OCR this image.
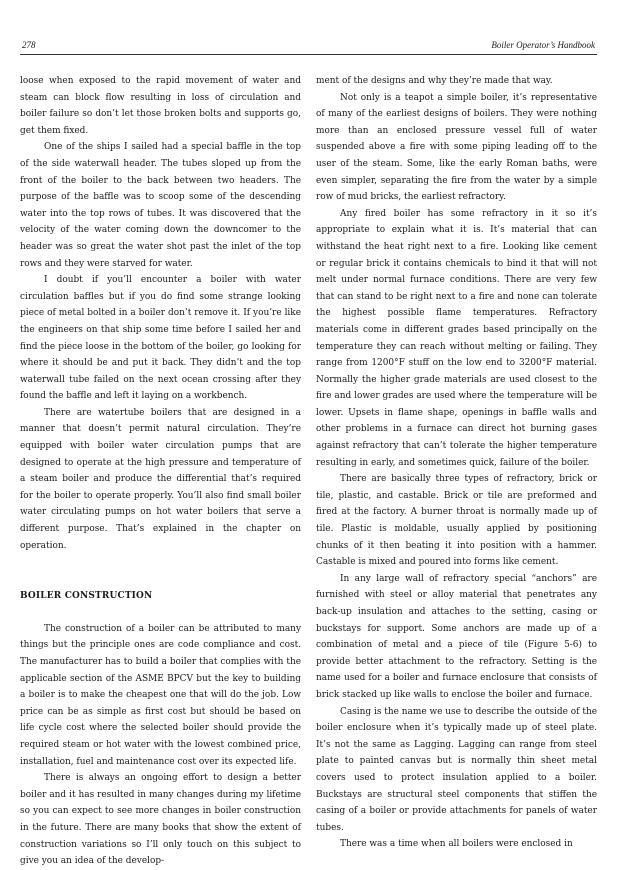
278	Boiler Operator’s Handbook

loose when exposed to the rapid movement of water and steam can block flow resulting in loss of circulation and boiler failure so don’t let those broken bolts and supports go, get them fixed.

One of the ships I sailed had a special baffle in the top of the side waterwall header. The tubes sloped up from the front of the boiler to the back between two headers. The purpose of the baffle was to scoop some of the descending water into the top rows of tubes. It was discovered that the velocity of the water coming down the downcomer to the header was so great the water shot past the inlet of the top rows and they were starved for water.

I doubt if you’ll encounter a boiler with water circulation baffles but if you do find some strange looking piece of metal bolted in a boiler don’t remove it. If you’re like the engineers on that ship some time before I sailed her and find the piece loose in the bottom of the boiler, go looking for where it should be and put it back. They didn’t and the top waterwall tube failed on the next ocean crossing after they found the baffle and left it laying on a workbench.

There are watertube boilers that are designed in a manner that doesn’t permit natural circulation. They’re equipped with boiler water circulation pumps that are designed to operate at the high pressure and temperature of a steam boiler and produce the differential that’s required for the boiler to operate properly. You’ll also find small boiler water circulating pumps on hot water boilers that serve a different purpose. That’s explained in the chapter on operation.

BOILER CONSTRUCTION

The construction of a boiler can be attributed to many things but the principle ones are code compliance and cost. The manufacturer has to build a boiler that complies with the applicable section of the ASME BPCV but the key to building a boiler is to make the cheapest one that will do the job. Low price can be as simple as first cost but should be based on life cycle cost where the selected boiler should provide the required steam or hot water with the lowest combined price, installation, fuel and maintenance cost over its expected life.

There is always an ongoing effort to design a better boiler and it has resulted in many changes during my lifetime so you can expect to see more changes in boiler construction in the future. There are many books that show the extent of construction variations so I’ll only touch on this subject to give you an idea of the develop-

ment of the designs and why they’re made that way.

Not only is a teapot a simple boiler, it’s representative of many of the earliest designs of boilers. They were nothing more than an enclosed pressure vessel full of water suspended above a fire with some piping leading off to the user of the steam. Some, like the early Roman baths, were even simpler, separating the fire from the water by a simple row of mud bricks, the earliest refractory.

Any fired boiler has some refractory in it so it’s appropriate to explain what it is. It’s material that can withstand the heat right next to a fire. Looking like cement or regular brick it contains chemicals to bind it that will not melt under normal furnace conditions. There are very few that can stand to be right next to a fire and none can tolerate the highest possible flame temperatures. Refractory materials come in different grades based principally on the temperature they can reach without melting or failing. They range from 1200°F stuff on the low end to 3200°F material. Normally the higher grade materials are used closest to the fire and lower grades are used where the temperature will be lower. Upsets in flame shape, openings in baffle walls and other problems in a furnace can direct hot burning gases against refractory that can’t tolerate the higher temperature resulting in early, and sometimes quick, failure of the boiler.

There are basically three types of refractory, brick or tile, plastic, and castable. Brick or tile are preformed and fired at the factory. A burner throat is normally made up of tile. Plastic is moldable, usually applied by positioning chunks of it then beating it into position with a hammer. Castable is mixed and poured into forms like cement.

In any large wall of refractory special “anchors” are furnished with steel or alloy material that penetrates any back-up insulation and attaches to the setting, casing or buckstays for support. Some anchors are made up of a combination of metal and a piece of tile (Figure 5-6) to provide better attachment to the refractory. Setting is the name used for a boiler and furnace enclosure that consists of brick stacked up like walls to enclose the boiler and furnace.

Casing is the name we use to describe the outside of the boiler enclosure when it’s typically made up of steel plate. It’s not the same as Lagging. Lagging can range from steel plate to painted canvas but is normally thin sheet metal covers used to protect insulation applied to a boiler. Buckstays are structural steel components that stiffen the casing of a boiler or provide attachments for panels of water tubes.

There was a time when all boilers were enclosed in
